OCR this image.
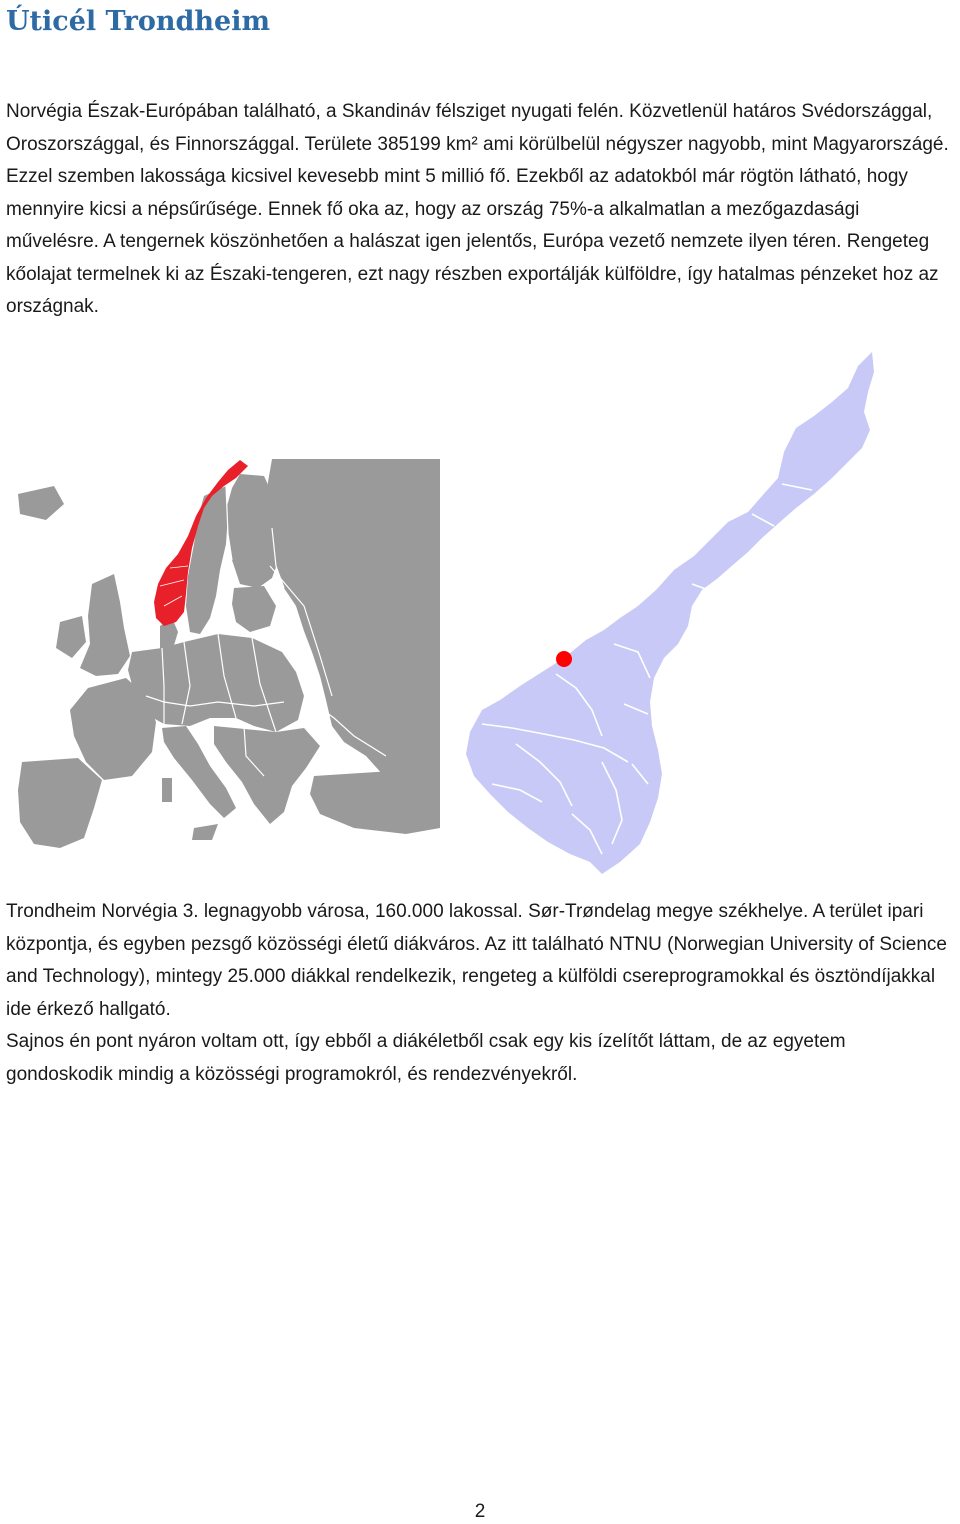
Úticél Trondheim

Norvégia Észak-Európában található, a Skandináv félsziget nyugati felén. Közvetlenül határos Svédországgal, Oroszországgal, és Finnországgal. Területe 385199 km² ami körülbelül négyszer nagyobb, mint Magyarországé. Ezzel szemben lakossága kicsivel kevesebb mint 5 millió fő. Ezekből az adatokból már rögtön látható, hogy mennyire kicsi a népsűrűsége. Ennek fő oka az, hogy az ország 75%-a alkalmatlan a mezőgazdasági művelésre. A tengernek köszönhetően a halászat igen jelentős, Európa vezető nemzete ilyen téren. Rengeteg kőolajat termelnek ki az Északi-tengeren, ezt nagy részben exportálják külföldre, így hatalmas pénzeket hoz az országnak.

Trondheim Norvégia 3. legnagyobb városa, 160.000 lakossal. Sør-Trøndelag megye székhelye. A terület ipari központja, és egyben pezsgő közösségi életű diákváros. Az itt található NTNU (Norwegian University of Science and Technology), mintegy 25.000 diákkal rendelkezik, rengeteg a külföldi csereprogramokkal és ösztöndíjakkal ide érkező hallgató.

Sajnos én pont nyáron voltam ott, így ebből a diákéletből csak egy kis ízelítőt láttam, de az egyetem gondoskodik mindig a közösségi programokról, és rendezvényekről.

2
